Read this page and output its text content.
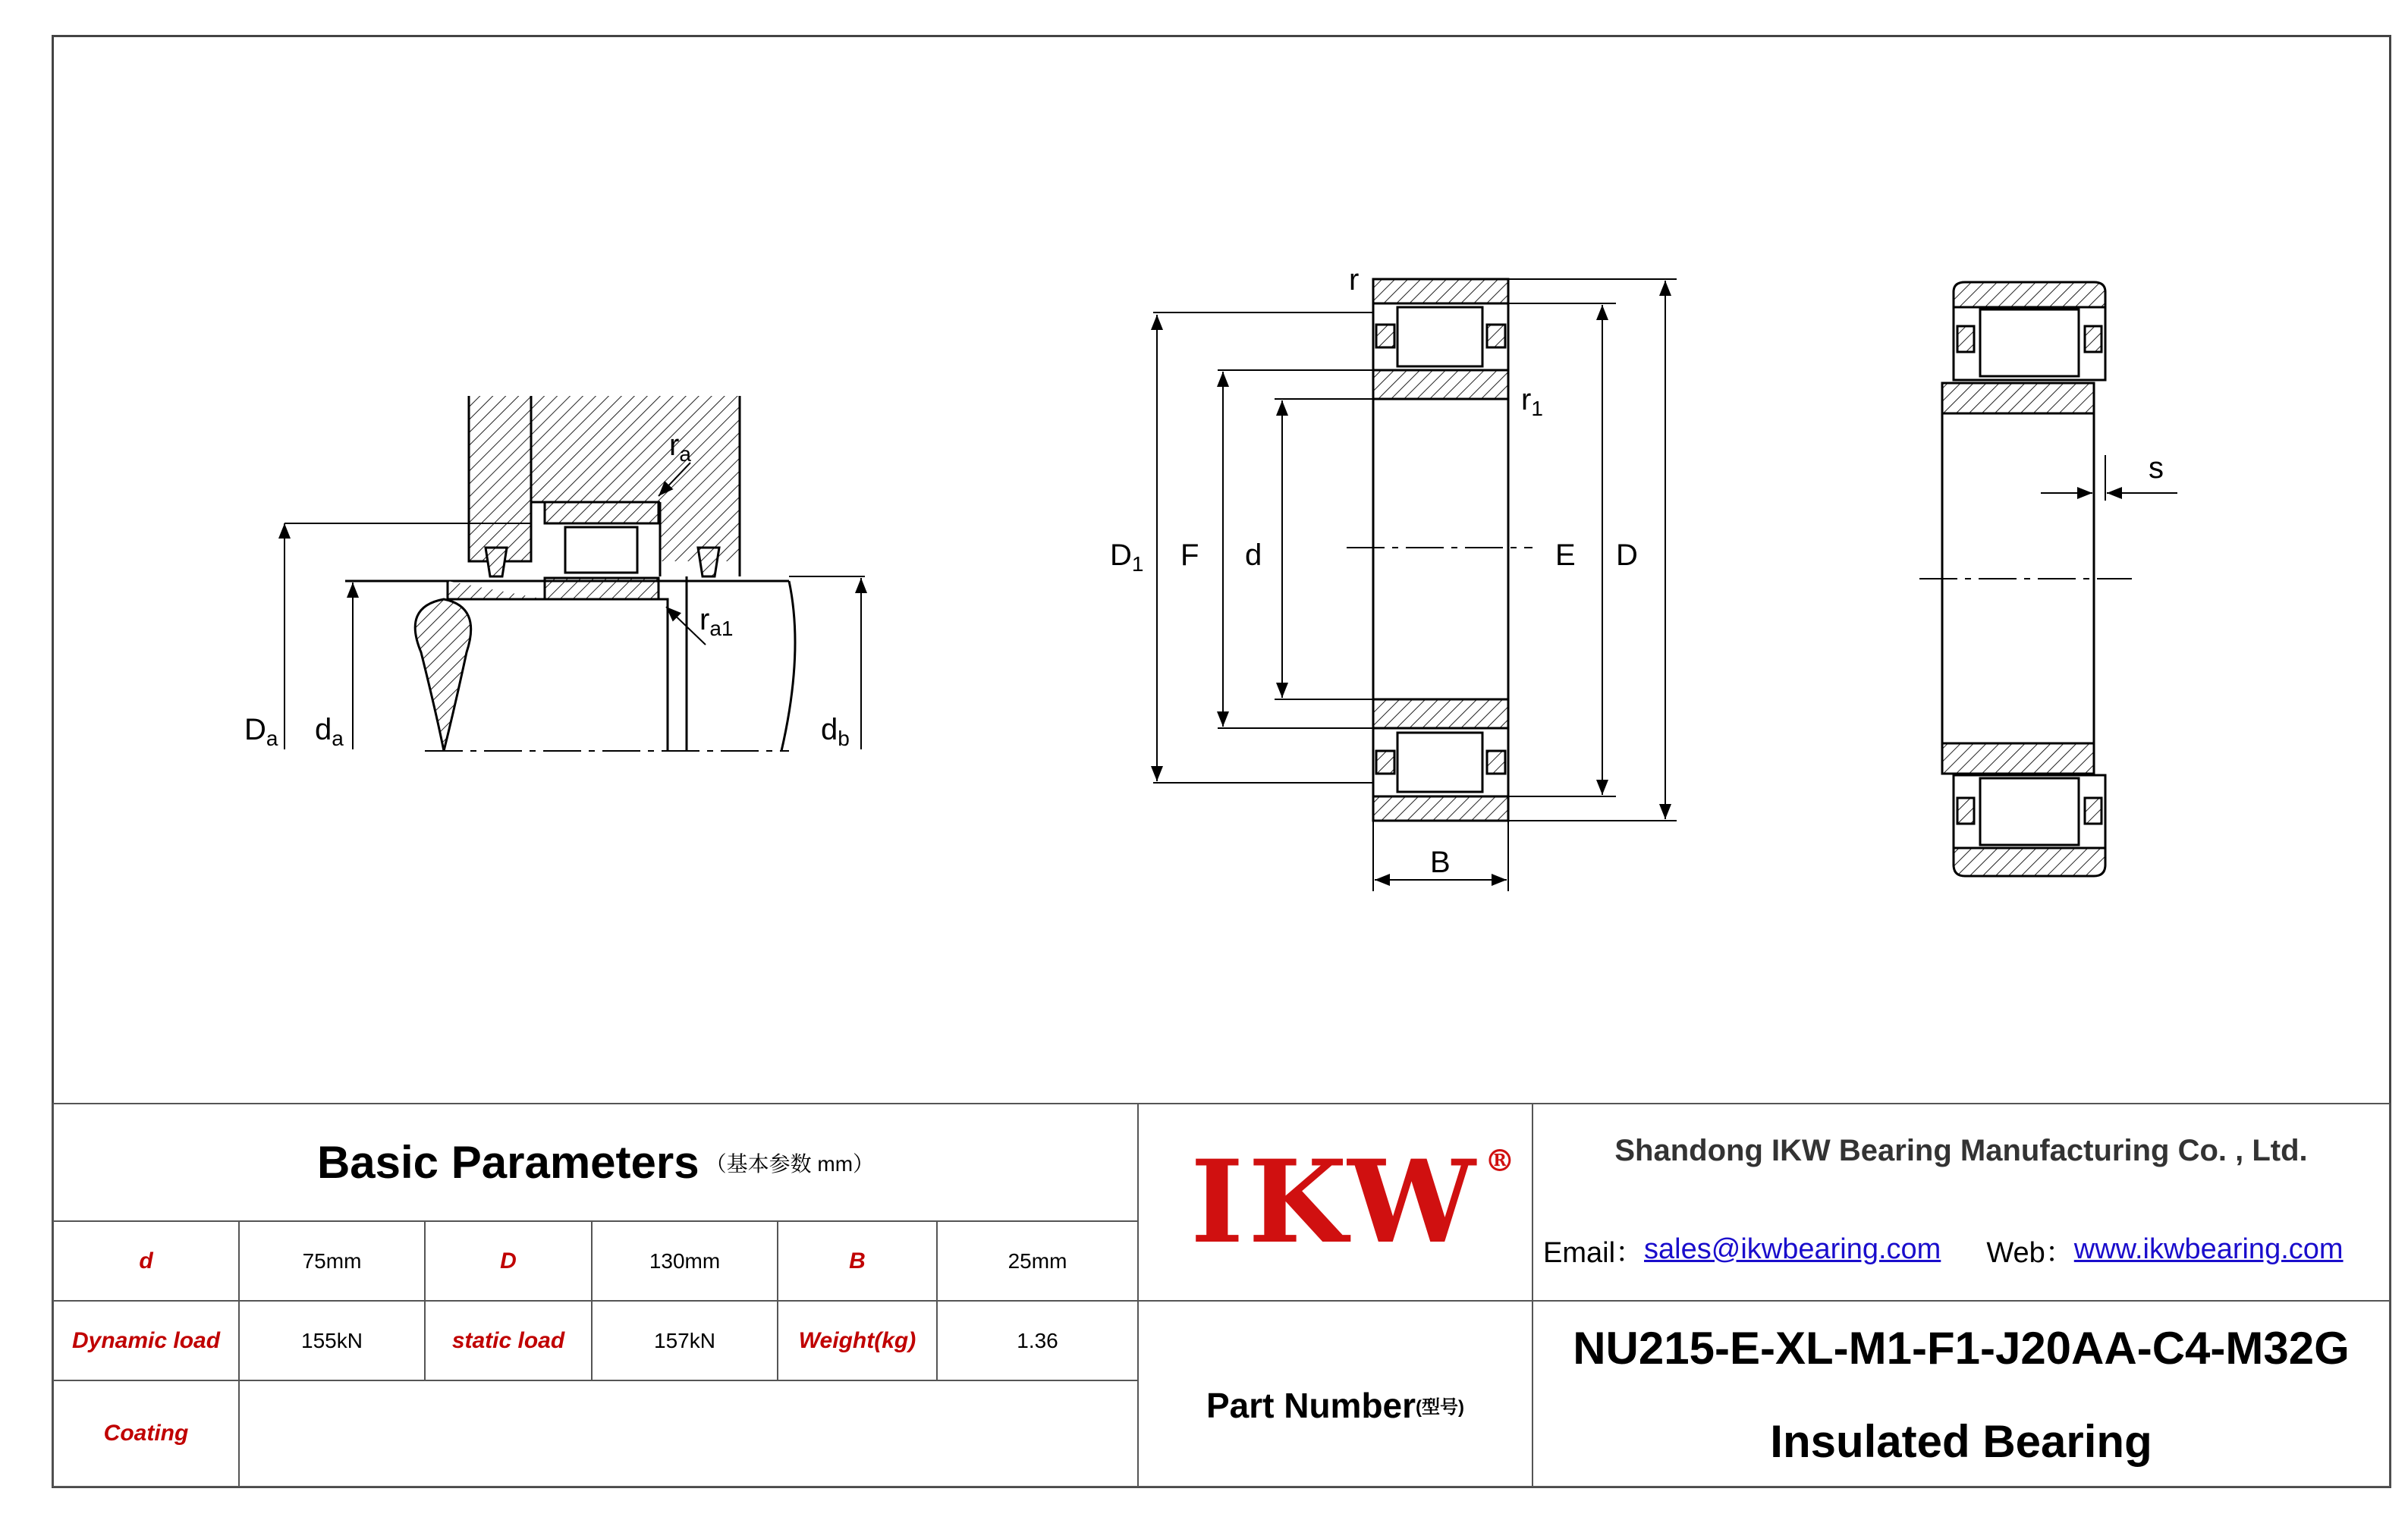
$r_a$
$r_{a1}$
$D_a$ $d_a$	$d_b$
r
$r_1$
$D_1$ F d	E D
B
s
Basic Parameters （基本参数 mm）
d	75mm	D	130mm	B	25mm
Dynamic load	155kN	static load	157kN	Weight(kg)	1.36
Coating
IKW ®
Part Number (型号)
Shandong IKW Bearing Manufacturing Co. , Ltd.
Email： sales@ikwbearing.com Web： www.ikwbearing.com
NU215-E-XL-M1-F1-J20AA-C4-M32G
Insulated Bearing
